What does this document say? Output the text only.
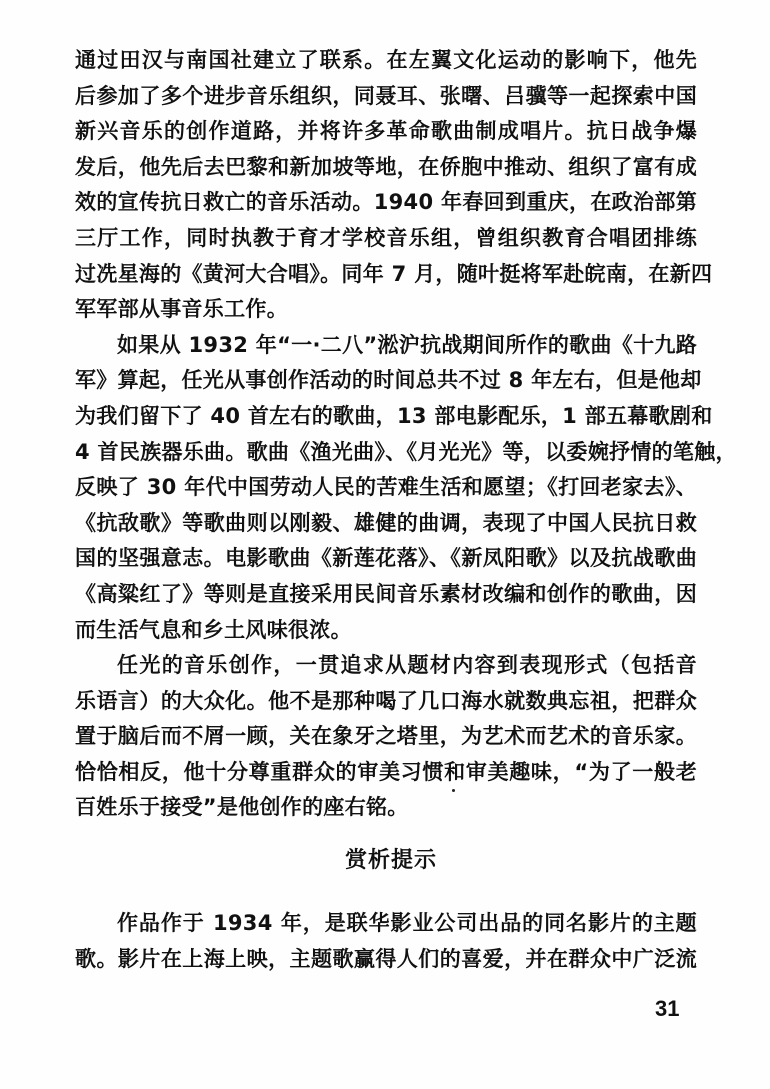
通过田汉与南国社建立了联系。在左翼文化运动的影响下，他先
后参加了多个进步音乐组织，同聂耳、张曙、吕骥等一起探索中国
新兴音乐的创作道路，并将许多革命歌曲制成唱片。抗日战争爆
发后，他先后去巴黎和新加坡等地，在侨胞中推动、组织了富有成
效的宣传抗日救亡的音乐活动。1940 年春回到重庆，在政治部第
三厅工作，同时执教于育才学校音乐组，曾组织教育合唱团排练
过冼星海的《黄河大合唱》。同年 7 月，随叶挺将军赴皖南，在新四
军军部从事音乐工作。
如果从 1932 年“一·二八”淞沪抗战期间所作的歌曲《十九路
军》算起，任光从事创作活动的时间总共不过 8 年左右，但是他却
为我们留下了 40 首左右的歌曲，13 部电影配乐，1 部五幕歌剧和
4 首民族器乐曲。歌曲《渔光曲》、《月光光》等，以委婉抒情的笔触，
反映了 30 年代中国劳动人民的苦难生活和愿望；《打回老家去》、
《抗敌歌》等歌曲则以刚毅、雄健的曲调，表现了中国人民抗日救
国的坚强意志。电影歌曲《新莲花落》、《新凤阳歌》以及抗战歌曲
《高粱红了》等则是直接采用民间音乐素材改编和创作的歌曲，因
而生活气息和乡土风味很浓。
任光的音乐创作，一贯追求从题材内容到表现形式（包括音
乐语言）的大众化。他不是那种喝了几口海水就数典忘祖，把群众
置于脑后而不屑一顾，关在象牙之塔里，为艺术而艺术的音乐家。
恰恰相反，他十分尊重群众的审美习惯和审美趣味，“为了一般老
百姓乐于接受”是他创作的座右铭。
赏析提示
作品作于 1934 年，是联华影业公司出品的同名影片的主题
歌。影片在上海上映，主题歌赢得人们的喜爱，并在群众中广泛流
31
